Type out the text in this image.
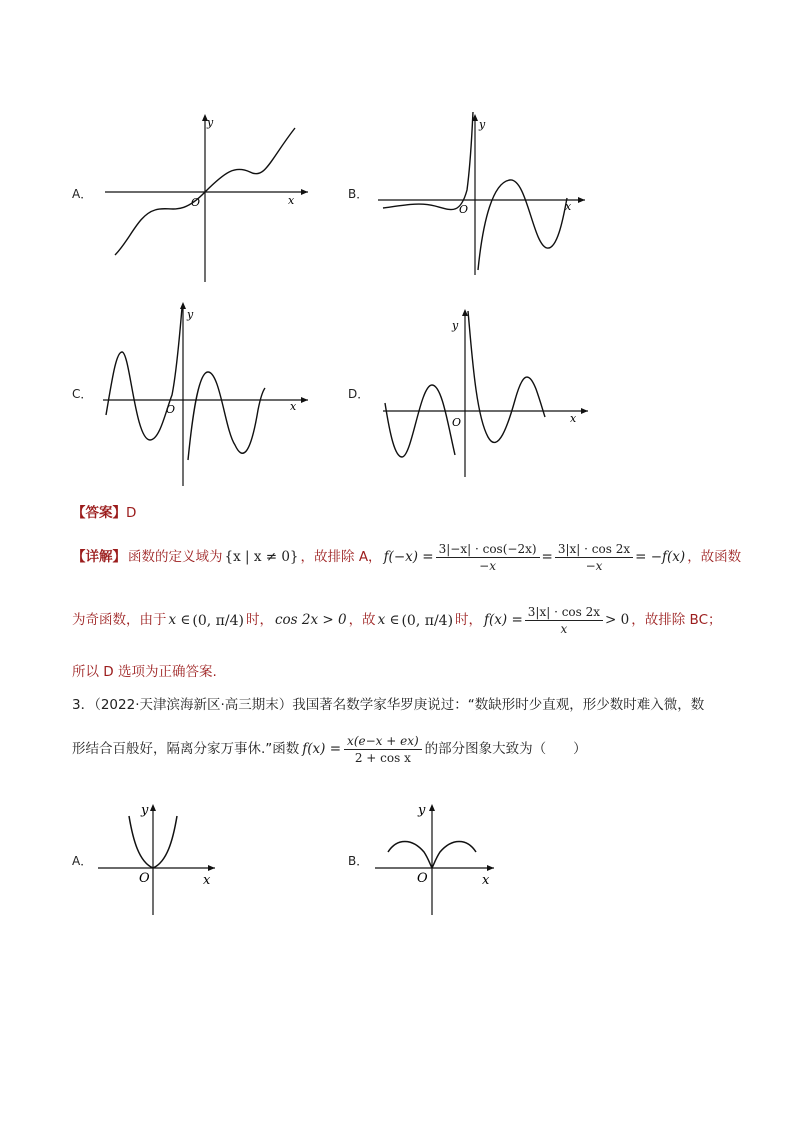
A．	x
y
O
B．
x
y
O
C．
x
y
O
D．
x
y
O
【答案】D
【详解】 函数的定义域为 {x | x ≠ 0} ，故排除 A， $f(-x) = \frac{3|-x| \cdot \cos(-2x)}{-x} = \frac{3|x| \cdot \cos 2x}{-x} = -f(x)$ ，故函数
为奇函数，由于 x ∈ (0, π/4) 时， cos 2x > 0 ，故 x ∈ (0, π/4) 时， $f(x) = \frac{3|x| \cdot \cos 2x}{x} > 0$ ，故排除 BC；
所以 D 选项为正确答案.
3．（2022·天津滨海新区·高三期末）我国著名数学家华罗庚说过：“数缺形时少直观，形少数时难入微，数
形结合百般好，隔离分家万事休.”函数 $f(x) = \frac{x(e-x + ex)}{\text{2 + cos x}}$ 的部分图象大致为（　　）
A．
x
y
O
B．
x
y
O
